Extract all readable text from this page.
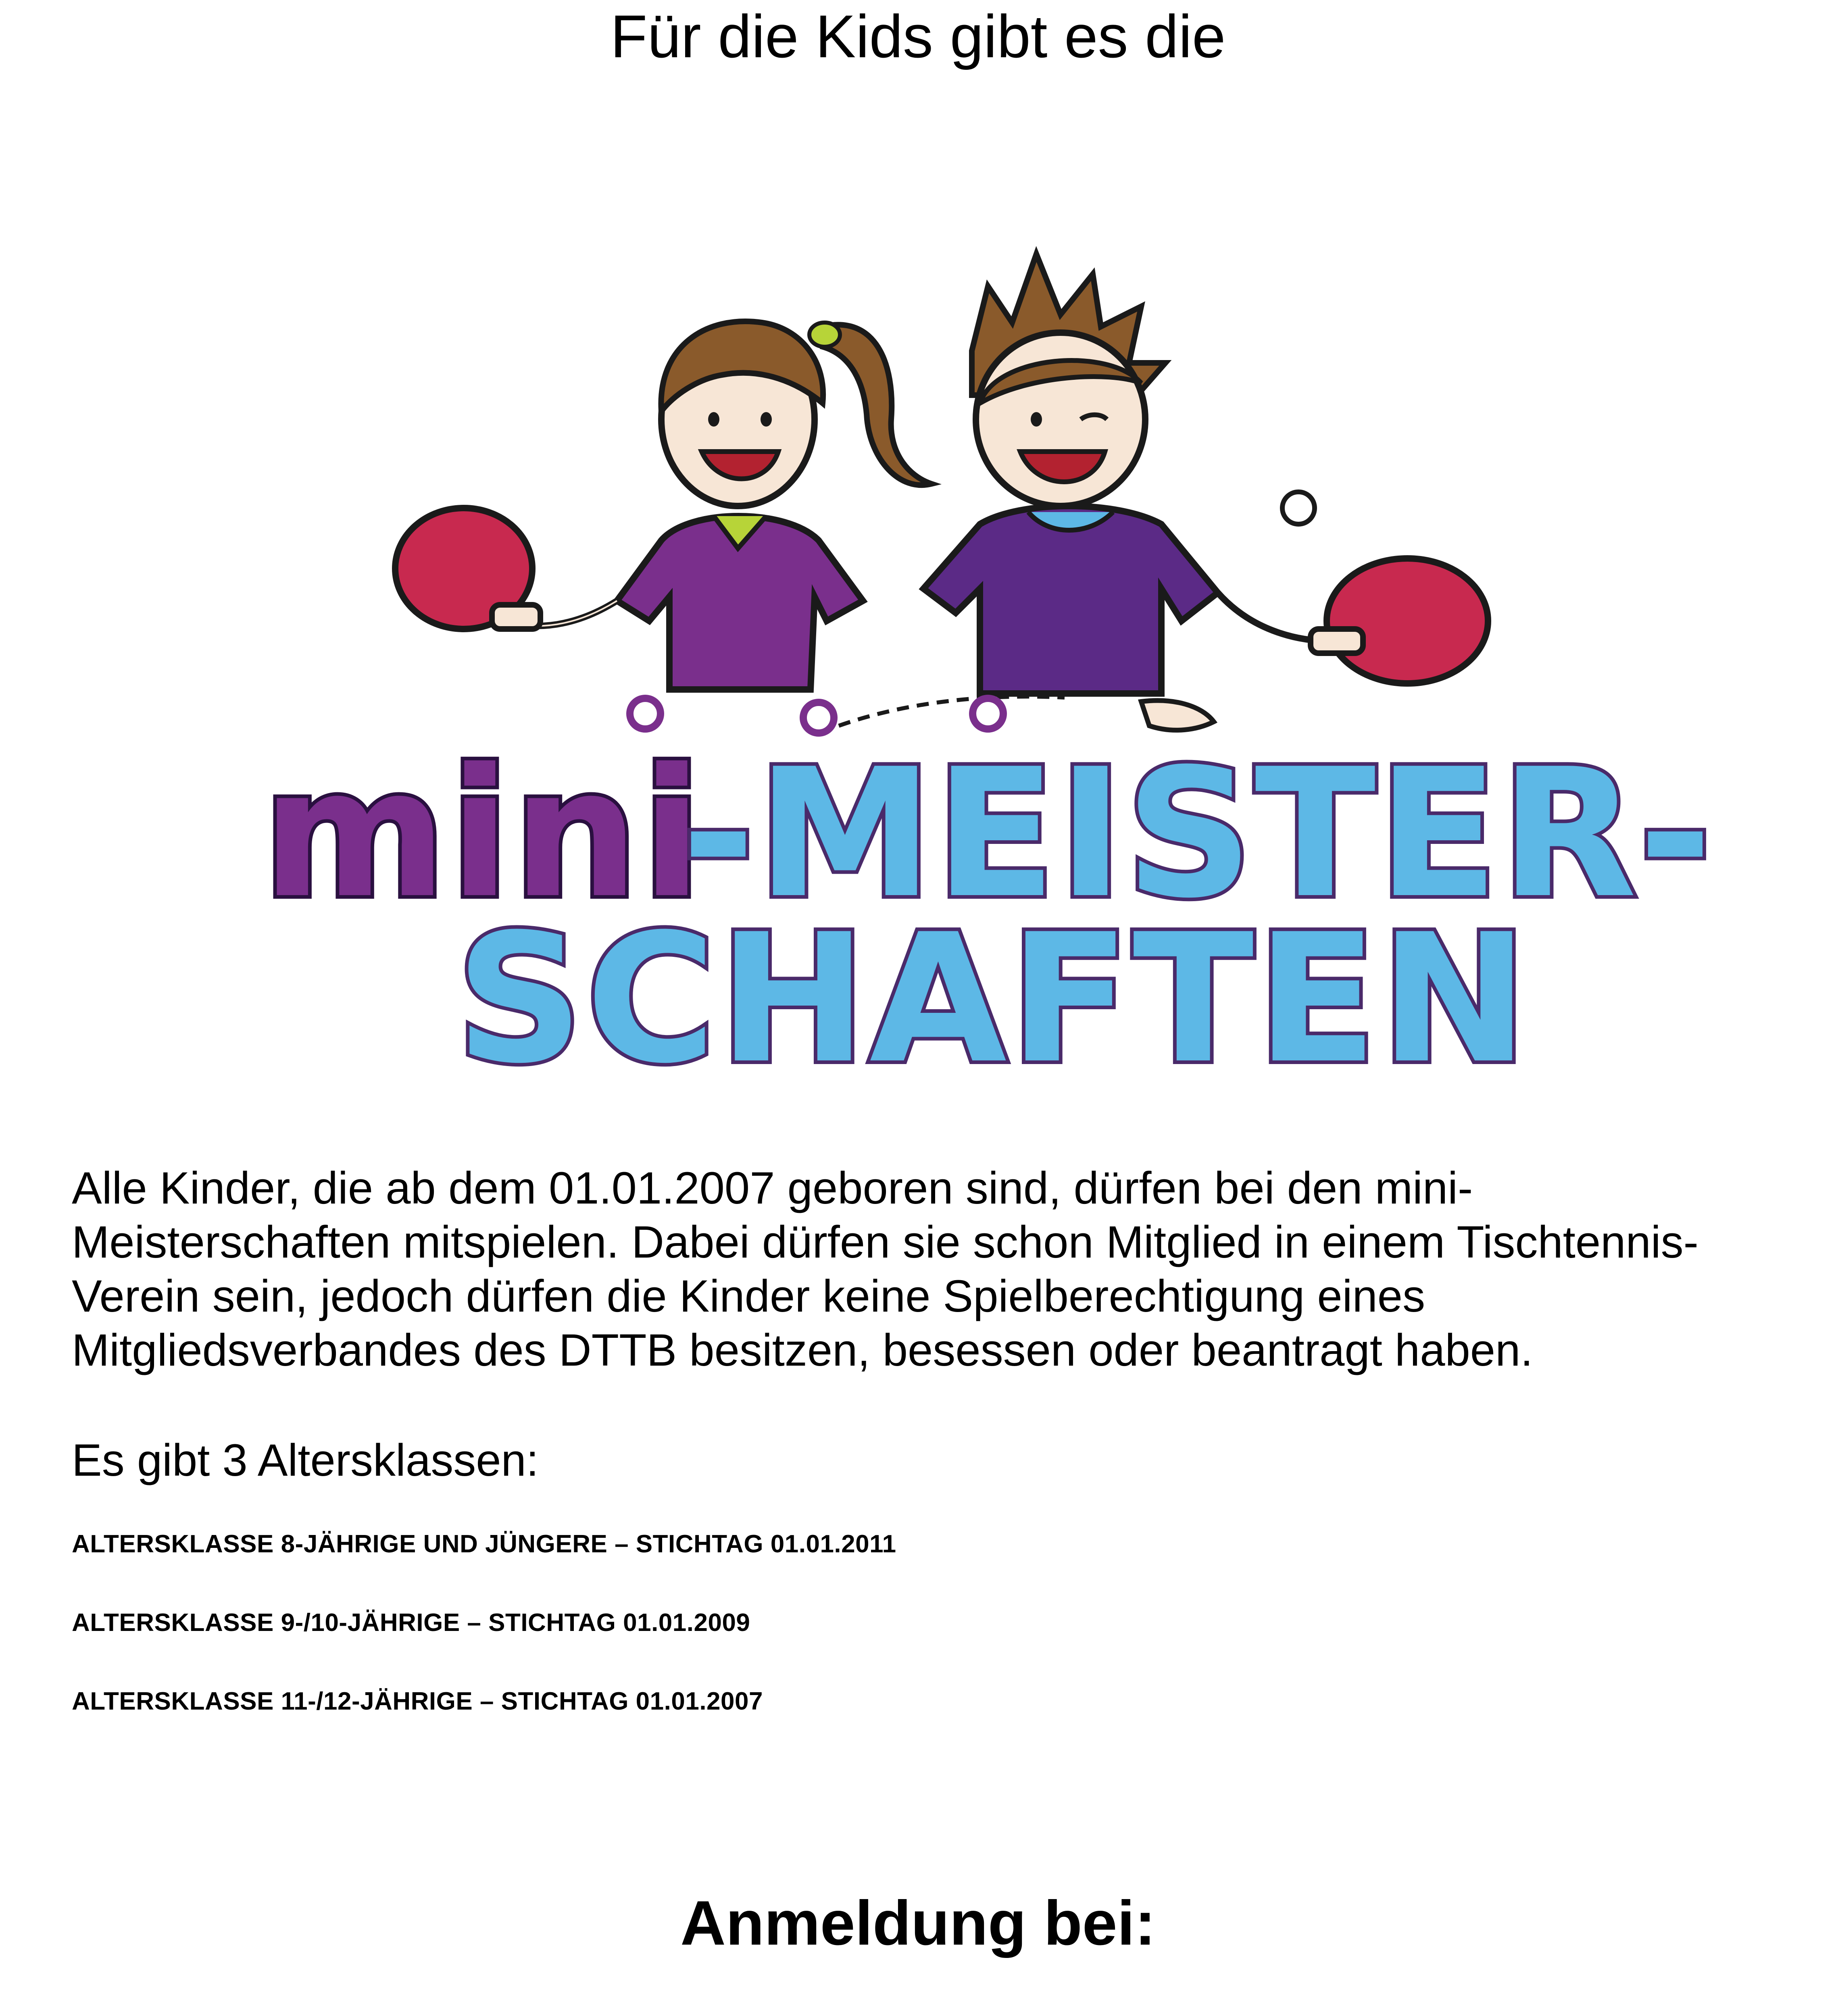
Für die Kids gibt es die
mini
-MEISTER-
SCHAFTEN
Alle Kinder, die ab dem 01.01.2007 geboren sind, dürfen bei den mini-
Meisterschaften mitspielen. Dabei dürfen sie schon Mitglied in einem Tischtennis-
Verein sein, jedoch dürfen die Kinder keine Spielberechtigung eines
Mitgliedsverbandes des DTTB besitzen, besessen oder beantragt haben.
Es gibt 3 Altersklassen:
ALTERSKLASSE 8-JÄHRIGE UND JÜNGERE – STICHTAG 01.01.2011
ALTERSKLASSE 9-/10-JÄHRIGE – STICHTAG 01.01.2009
ALTERSKLASSE 11-/12-JÄHRIGE – STICHTAG 01.01.2007
Anmeldung bei:
